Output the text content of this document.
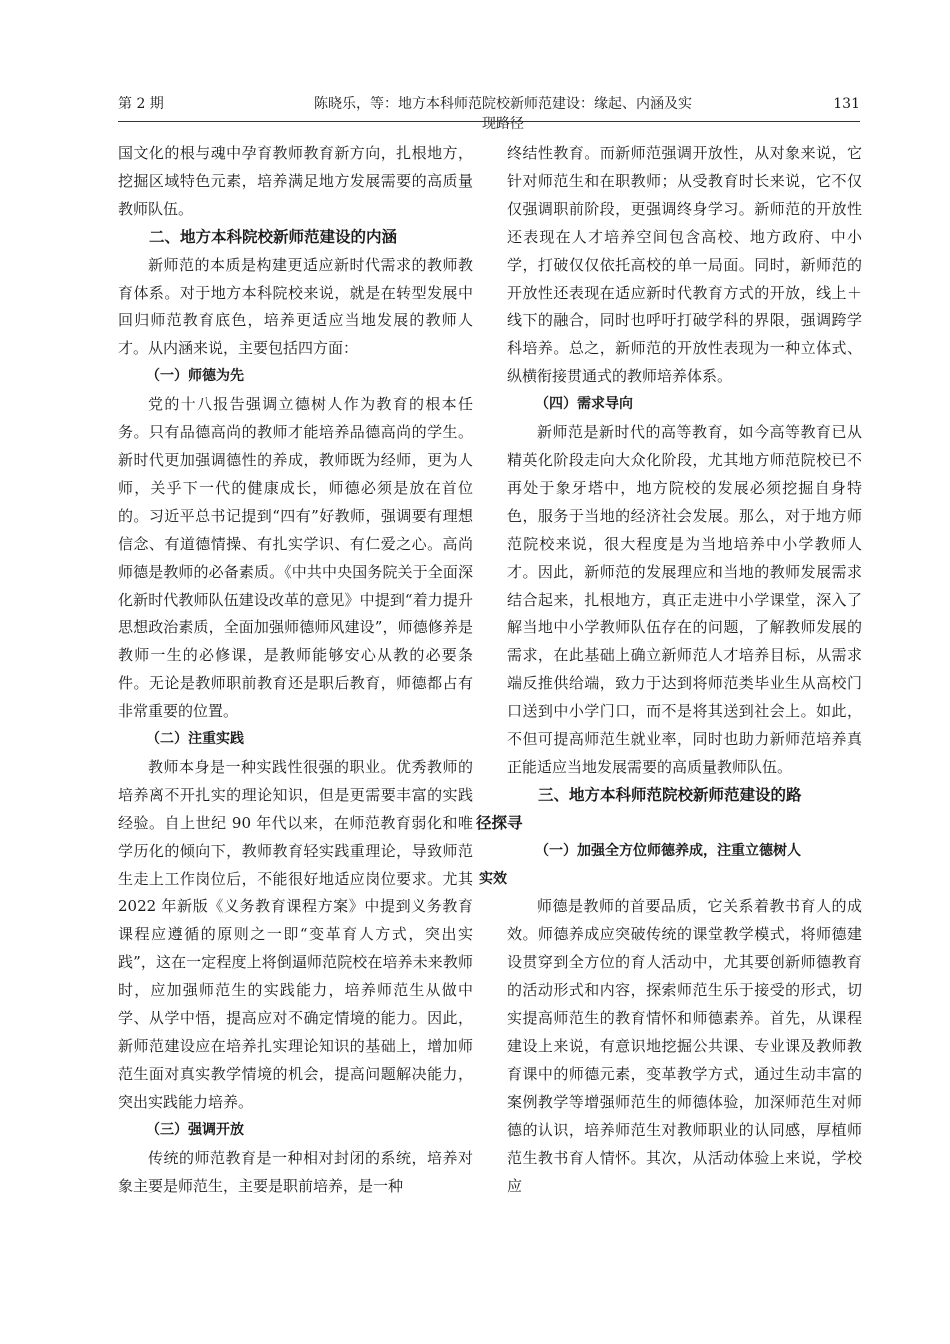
第 2 期	陈晓乐，等：地方本科师范院校新师范建设：缘起、内涵及实现路径
131

国文化的根与魂中孕育教师教育新方向，扎根地方，挖掘区域特色元素，培养满足地方发展需要的高质量教师队伍。

二、地方本科院校新师范建设的内涵

新师范的本质是构建更适应新时代需求的教师教育体系。对于地方本科院校来说，就是在转型发展中回归师范教育底色，培养更适应当地发展的教师人才。从内涵来说，主要包括四方面：

（一）师德为先

党的十八报告强调立德树人作为教育的根本任务。只有品德高尚的教师才能培养品德高尚的学生。新时代更加强调德性的养成，教师既为经师，更为人师，关乎下一代的健康成长，师德必须是放在首位的。习近平总书记提到“四有”好教师，强调要有理想信念、有道德情操、有扎实学识、有仁爱之心。高尚师德是教师的必备素质。《中共中央国务院关于全面深化新时代教师队伍建设改革的意见》中提到“着力提升思想政治素质，全面加强师德师风建设”，师德修养是教师一生的必修课，是教师能够安心从教的必要条件。无论是教师职前教育还是职后教育，师德都占有非常重要的位置。

（二）注重实践

教师本身是一种实践性很强的职业。优秀教师的培养离不开扎实的理论知识，但是更需要丰富的实践经验。自上世纪 90 年代以来，在师范教育弱化和唯学历化的倾向下，教师教育轻实践重理论，导致师范生走上工作岗位后，不能很好地适应岗位要求。尤其 2022 年新版《义务教育课程方案》中提到义务教育课程应遵循的原则之一即“变革育人方式，突出实践”，这在一定程度上将倒逼师范院校在培养未来教师时，应加强师范生的实践能力，培养师范生从做中学、从学中悟，提高应对不确定情境的能力。因此，新师范建设应在培养扎实理论知识的基础上，增加师范生面对真实教学情境的机会，提高问题解决能力，突出实践能力培养。

（三）强调开放

传统的师范教育是一种相对封闭的系统，培养对象主要是师范生，主要是职前培养，是一种

终结性教育。而新师范强调开放性，从对象来说，它针对师范生和在职教师；从受教育时长来说，它不仅仅强调职前阶段，更强调终身学习。新师范的开放性还表现在人才培养空间包含高校、地方政府、中小学，打破仅仅依托高校的单一局面。同时，新师范的开放性还表现在适应新时代教育方式的开放，线上＋线下的融合，同时也呼吁打破学科的界限，强调跨学科培养。总之，新师范的开放性表现为一种立体式、纵横衔接贯通式的教师培养体系。

（四）需求导向

新师范是新时代的高等教育，如今高等教育已从精英化阶段走向大众化阶段，尤其地方师范院校已不再处于象牙塔中，地方院校的发展必须挖掘自身特色，服务于当地的经济社会发展。那么，对于地方师范院校来说，很大程度是为当地培养中小学教师人才。因此，新师范的发展理应和当地的教师发展需求结合起来，扎根地方，真正走进中小学课堂，深入了解当地中小学教师队伍存在的问题，了解教师发展的需求，在此基础上确立新师范人才培养目标，从需求端反推供给端，致力于达到将师范类毕业生从高校门口送到中小学门口，而不是将其送到社会上。如此，不但可提高师范生就业率，同时也助力新师范培养真正能适应当地发展需要的高质量教师队伍。

三、地方本科师范院校新师范建设的路
径探寻
（一）加强全方位师德养成，注重立德树人
实效

师德是教师的首要品质，它关系着教书育人的成效。师德养成应突破传统的课堂教学模式，将师德建设贯穿到全方位的育人活动中，尤其要创新师德教育的活动形式和内容，探索师范生乐于接受的形式，切实提高师范生的教育情怀和师德素养。首先，从课程建设上来说，有意识地挖掘公共课、专业课及教师教育课中的师德元素，变革教学方式，通过生动丰富的案例教学等增强师范生的师德体验，加深师范生对师德的认识，培养师范生对教师职业的认同感，厚植师范生教书育人情怀。其次，从活动体验上来说，学校应
